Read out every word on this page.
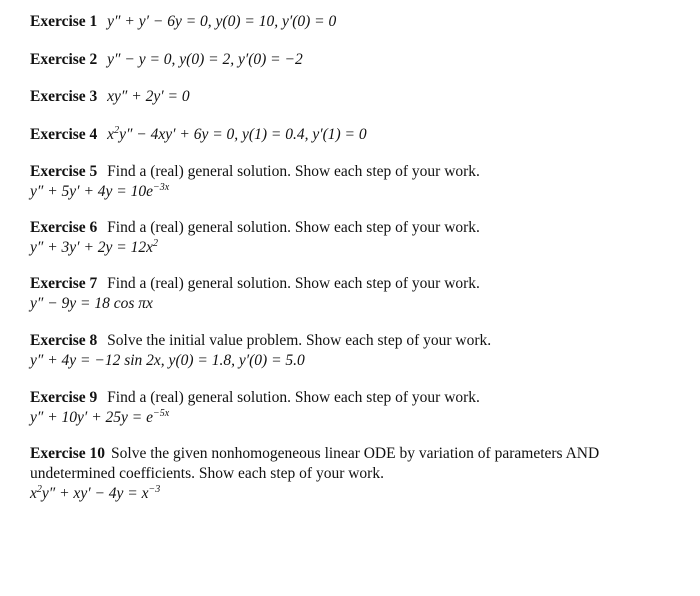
Exercise 1 y″ + y′ − 6y = 0, y(0) = 10, y′(0) = 0
Exercise 2 y″ − y = 0, y(0) = 2, y′(0) = −2
Exercise 3 xy″ + 2y′ = 0
Exercise 4 $x^2y'' - 4xy' + 6y = 0$, y(1) = 0.4, y′(1) = 0
Exercise 5 Find a (real) general solution. Show each step of your work.
$y'' + 5y' + 4y = 10e^{-3x}$
Exercise 6 Find a (real) general solution. Show each step of your work.
$y'' + 3y' + 2y = 12x^2$
Exercise 7 Find a (real) general solution. Show each step of your work.
y″ − 9y = 18 cos πx
Exercise 8 Solve the initial value problem. Show each step of your work.
y″ + 4y = −12 sin 2x, y(0) = 1.8, y′(0) = 5.0
Exercise 9 Find a (real) general solution. Show each step of your work.
$y'' + 10y' + 25y = e^{-5x}$
Exercise 10 Solve the given nonhomogeneous linear ODE by variation of parameters AND undetermined coefficients. Show each step of your work.
$x^2y'' + xy' - 4y = x^{-3}$
